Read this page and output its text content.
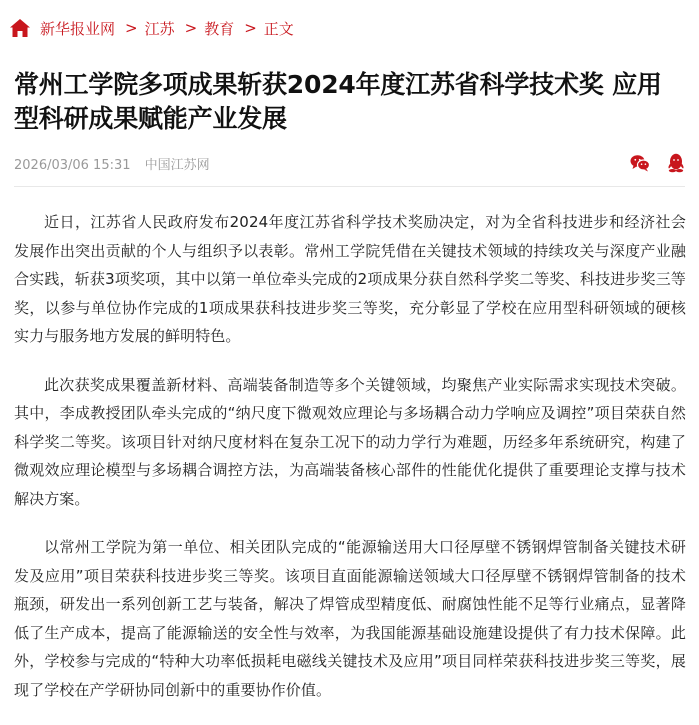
新华报业网 > 江苏 > 教育 > 正文
常州工学院多项成果斩获2024年度江苏省科学技术奖 应用型科研成果赋能产业发展
2026/03/06 15:31 中国江苏网

近日，江苏省人民政府发布2024年度江苏省科学技术奖励决定，对为全省科技进步和经济社会发展作出突出贡献的个人与组织予以表彰。常州工学院凭借在关键技术领域的持续攻关与深度产业融合实践，斩获3项奖项，其中以第一单位牵头完成的2项成果分获自然科学奖二等奖、科技进步奖三等奖，以参与单位协作完成的1项成果获科技进步奖三等奖，充分彰显了学校在应用型科研领域的硬核实力与服务地方发展的鲜明特色。

此次获奖成果覆盖新材料、高端装备制造等多个关键领域，均聚焦产业实际需求实现技术突破。其中，李成教授团队牵头完成的“纳尺度下微观效应理论与多场耦合动力学响应及调控”项目荣获自然科学奖二等奖。该项目针对纳尺度材料在复杂工况下的动力学行为难题，历经多年系统研究，构建了微观效应理论模型与多场耦合调控方法，为高端装备核心部件的性能优化提供了重要理论支撑与技术解决方案。

以常州工学院为第一单位、相关团队完成的“能源输送用大口径厚壁不锈钢焊管制备关键技术研发及应用”项目荣获科技进步奖三等奖。该项目直面能源输送领域大口径厚壁不锈钢焊管制备的技术瓶颈，研发出一系列创新工艺与装备，解决了焊管成型精度低、耐腐蚀性能不足等行业痛点，显著降低了生产成本，提高了能源输送的安全性与效率，为我国能源基础设施建设提供了有力技术保障。此外，学校参与完成的“特种大功率低损耗电磁线关键技术及应用”项目同样荣获科技进步奖三等奖，展现了学校在产学研协同创新中的重要协作价值。
